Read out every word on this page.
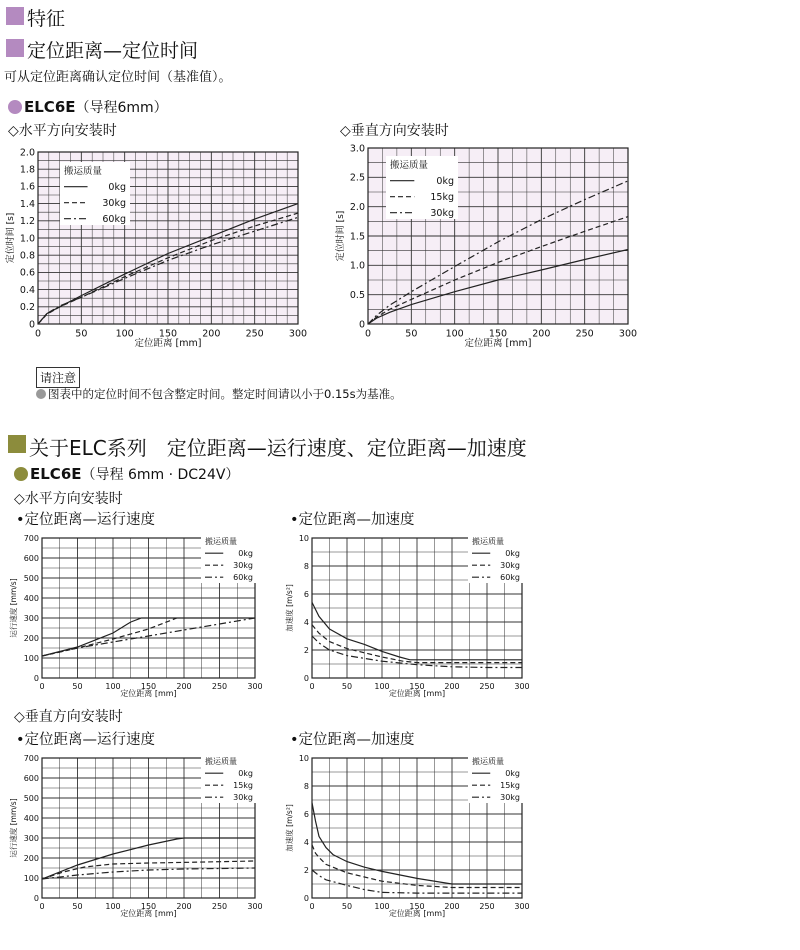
特征
定位距离—定位时间
可从定位距离确认定位时间（基准值）。
ELC6E（导程6mm）
◇水平方向安装时	◇垂直方向安装时
0	50	100	150	200	250	300
0
0.2
0.4
0.6
0.8
1.0
1.2
1.4
1.6
1.8
2.0
定位距离 [mm]
定位时间 [s]
搬运质量
0kg
30kg
60kg
0	50	100	150	200	250	300
0
0.5
1.0
1.5
2.0
2.5
3.0
定位距离 [mm]
定位时间 [s]
搬运质量
0kg
15kg
30kg
请注意
图表中的定位时间不包含整定时间。整定时间请以小于0.15s为基准。
关于ELC系列　定位距离—运行速度、定位距离—加速度
ELC6E（导程 6mm · DC24V）
◇水平方向安装时
•定位距离—运行速度	•定位距离—加速度
0	50	100	150	200	250	300
0
100
200
300
400
500
600
700
定位距离 [mm]
运行速度 [mm/s]
搬运质量
0kg
30kg
60kg
0	50	100 150 200 250 300
0
2
4
6
8
10
定位距离 [mm]
加速度 [m/s²]
搬运质量
0kg
30kg
60kg
◇垂直方向安装时
•定位距离—运行速度	•定位距离—加速度
0	50	100	150	200	250	300
0
100
200
300
400
500
600
700
定位距离 [mm]
运行速度 [mm/s]
搬运质量
0kg
15kg
30kg
0	50	100 150 200 250 300
0
2
4
6
8
10
定位距离 [mm]
加速度 [m/s²]
搬运质量
0kg
15kg
30kg
